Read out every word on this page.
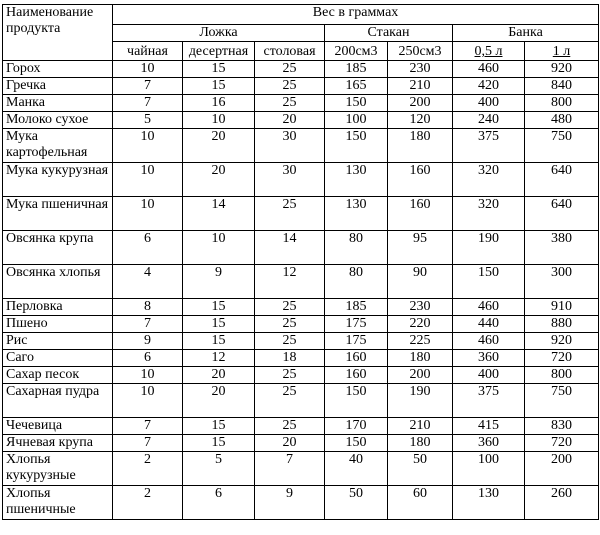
Наименование продукта	Вес в граммах						
	Ложка			Стакан		Банка	
	чайная	десертная	столовая	200см3	250см3	0,5 л	1 л
Горох	10	15	25	185	230	460	920
Гречка	7	15	25	165	210	420	840
Манка	7	16	25	150	200	400	800
Молоко сухое	5	10	20	100	120	240	480
Мука картофельная	10	20	30	150	180	375	750
Мука кукурузная	10	20	30	130	160	320	640
Мука пшеничная	10	14	25	130	160	320	640
Овсянка крупа	6	10	14	80	95	190	380
Овсянка хлопья	4	9	12	80	90	150	300
Перловка	8	15	25	185	230	460	910
Пшено	7	15	25	175	220	440	880
Рис	9	15	25	175	225	460	920
Саго	6	12	18	160	180	360	720
Сахар песок	10	20	25	160	200	400	800
Сахарная пудра	10	20	25	150	190	375	750
Чечевица	7	15	25	170	210	415	830
Ячневая крупа	7	15	20	150	180	360	720
Хлопья кукурузные	2	5	7	40	50	100	200
Хлопья пшеничные	2	6	9	50	60	130	260
